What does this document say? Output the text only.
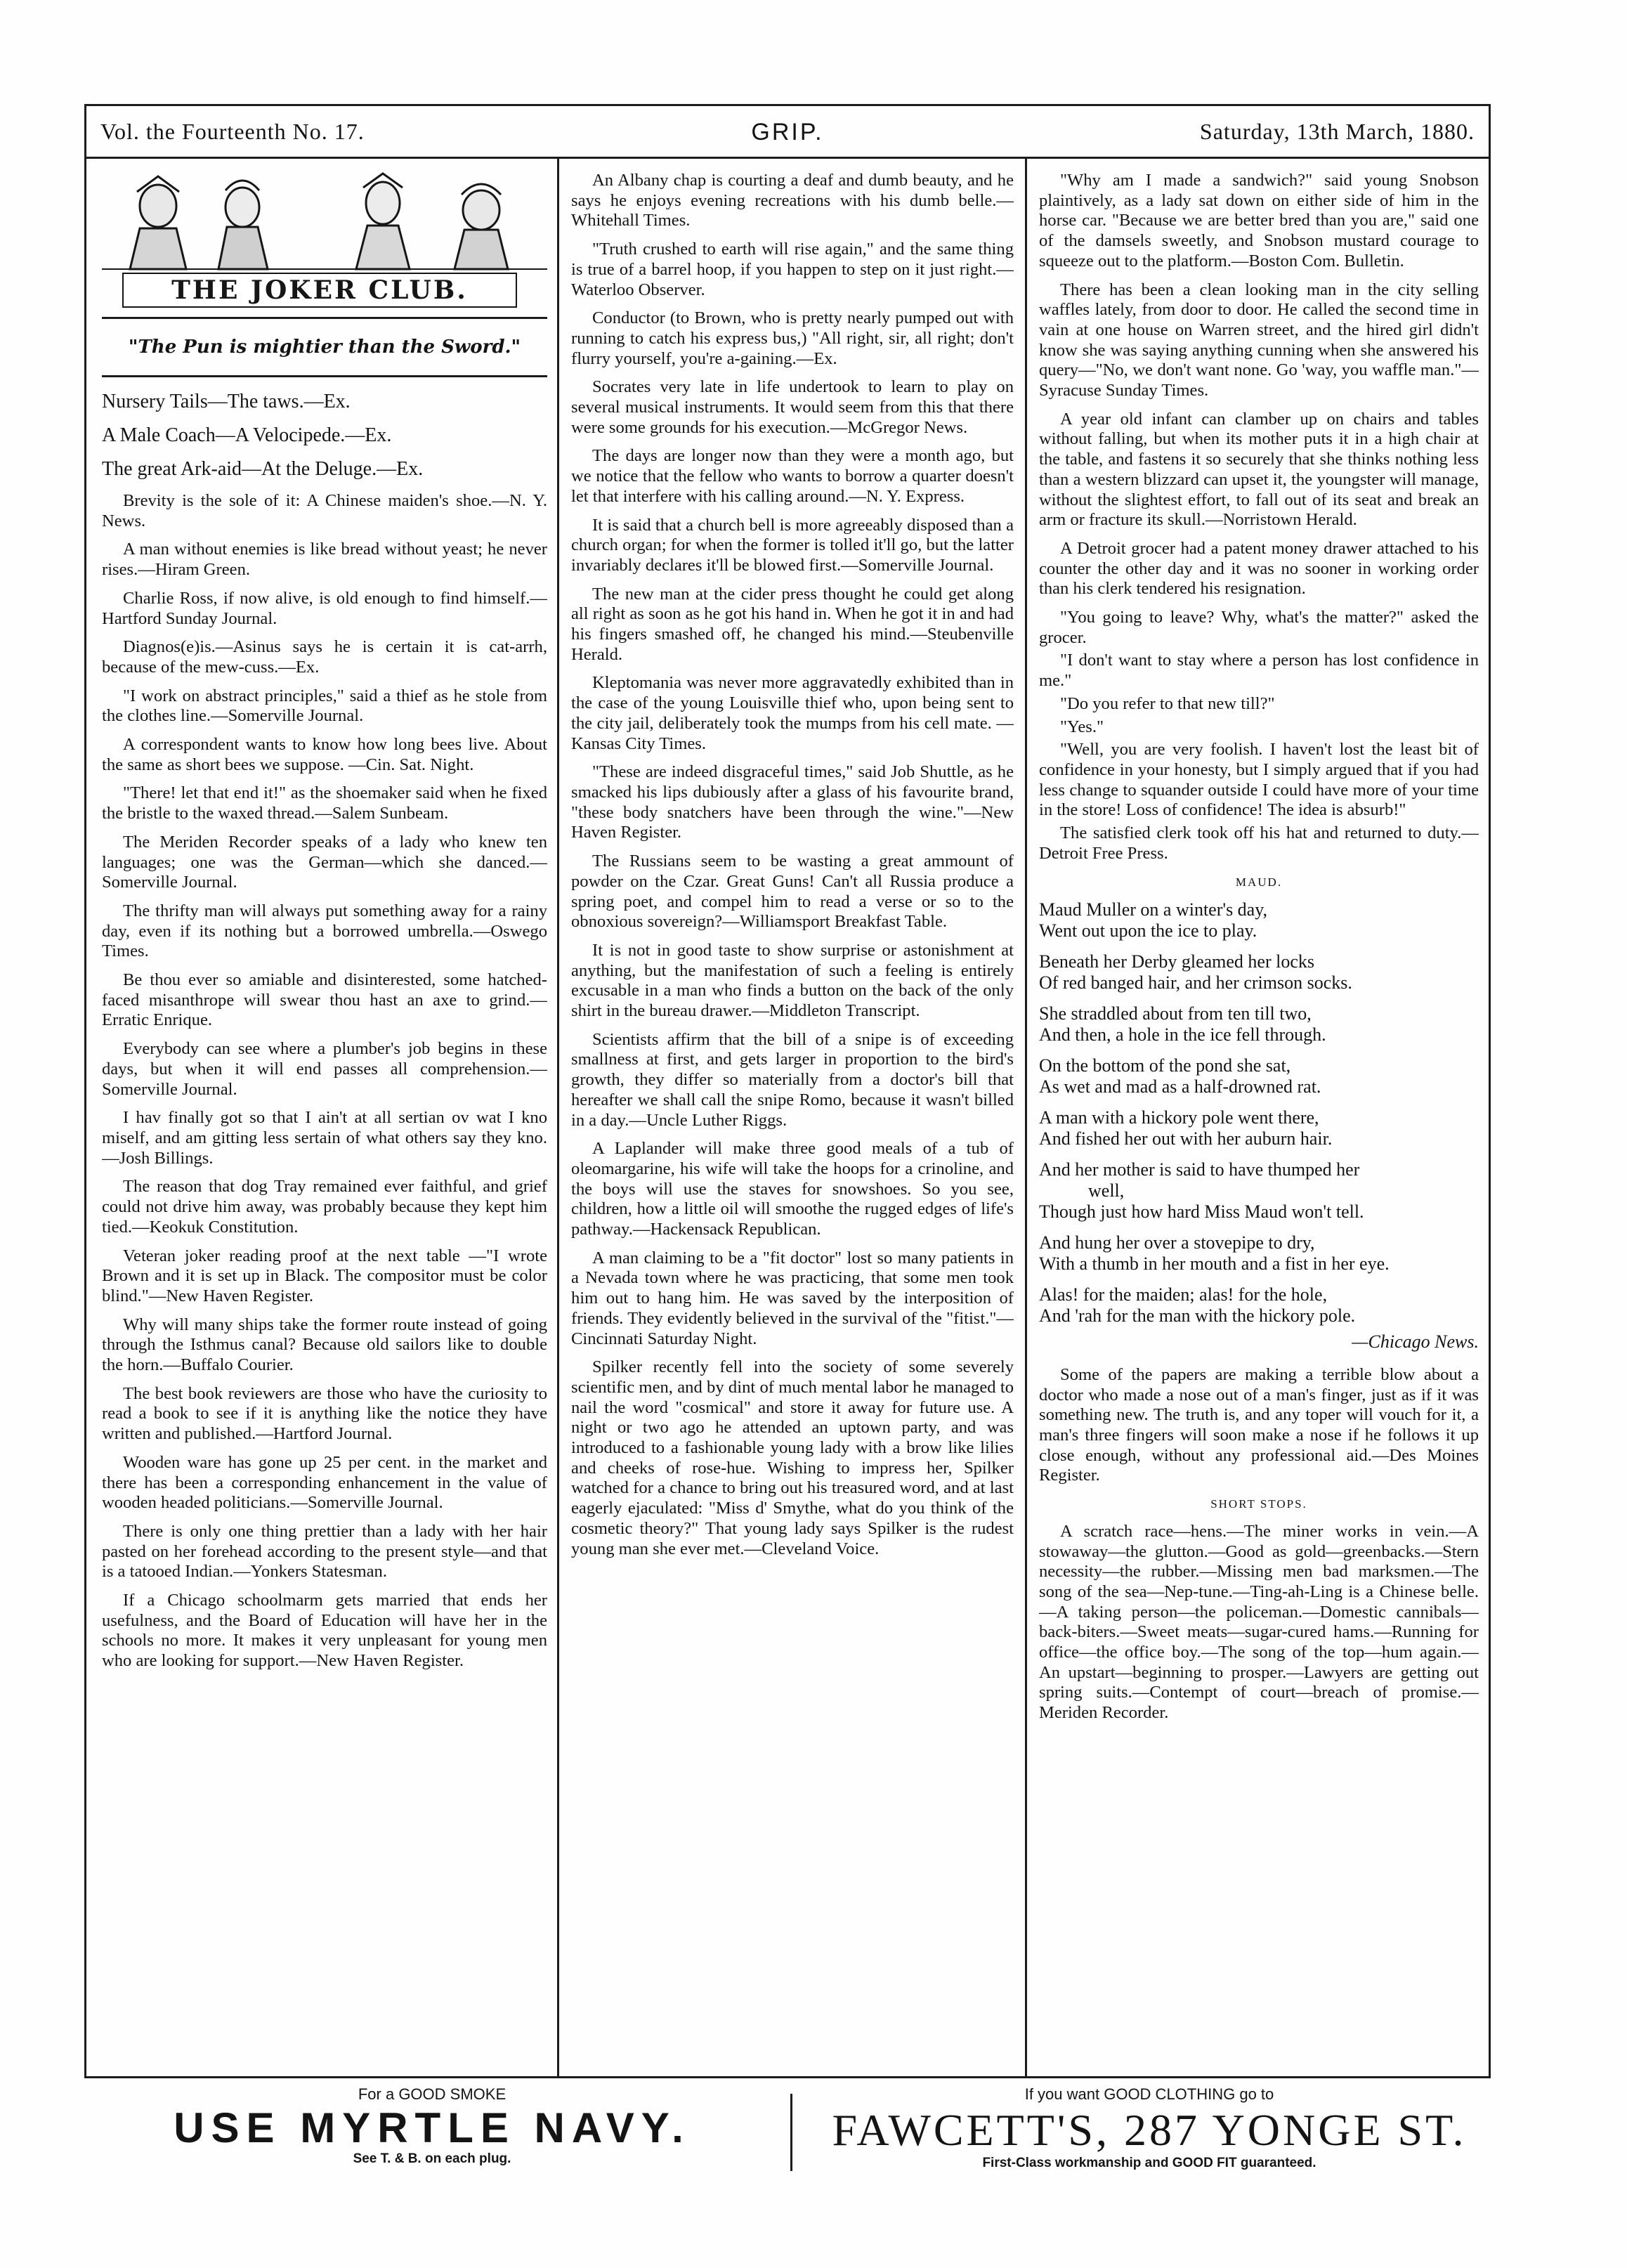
Vol. the Fourteenth No. 17.	GRIP.	Saturday, 13th March, 1880.
THE JOKER CLUB.
"The Pun is mightier than the Sword."

Nursery Tails—The taws.—Ex.

A Male Coach—A Velocipede.—Ex.

The great Ark-aid—At the Deluge.—Ex.

Brevity is the sole of it: A Chinese maiden's shoe.—N. Y. News.

A man without enemies is like bread without yeast; he never rises.—Hiram Green.

Charlie Ross, if now alive, is old enough to find himself.—Hartford Sunday Journal.

Diagnos(e)is.—Asinus says he is certain it is cat-arrh, because of the mew-cuss.—Ex.

"I work on abstract principles," said a thief as he stole from the clothes line.—Somerville Journal.

A correspondent wants to know how long bees live. About the same as short bees we suppose. —Cin. Sat. Night.

"There! let that end it!" as the shoemaker said when he fixed the bristle to the waxed thread.—Salem Sunbeam.

The Meriden Recorder speaks of a lady who knew ten languages; one was the German—which she danced.—Somerville Journal.

The thrifty man will always put something away for a rainy day, even if its nothing but a borrowed umbrella.—Oswego Times.

Be thou ever so amiable and disinterested, some hatched-faced misanthrope will swear thou hast an axe to grind.—Erratic Enrique.

Everybody can see where a plumber's job begins in these days, but when it will end passes all comprehension.—Somerville Journal.

I hav finally got so that I ain't at all sertian ov wat I kno miself, and am gitting less sertain of what others say they kno.—Josh Billings.

The reason that dog Tray remained ever faithful, and grief could not drive him away, was probably because they kept him tied.—Keokuk Constitution.

Veteran joker reading proof at the next table —"I wrote Brown and it is set up in Black. The compositor must be color blind."—New Haven Register.

Why will many ships take the former route instead of going through the Isthmus canal? Because old sailors like to double the horn.—Buffalo Courier.

The best book reviewers are those who have the curiosity to read a book to see if it is anything like the notice they have written and published.—Hartford Journal.

Wooden ware has gone up 25 per cent. in the market and there has been a corresponding enhancement in the value of wooden headed politicians.—Somerville Journal.

There is only one thing prettier than a lady with her hair pasted on her forehead according to the present style—and that is a tatooed Indian.—Yonkers Statesman.

If a Chicago schoolmarm gets married that ends her usefulness, and the Board of Education will have her in the schools no more. It makes it very unpleasant for young men who are looking for support.—New Haven Register.

An Albany chap is courting a deaf and dumb beauty, and he says he enjoys evening recreations with his dumb belle.—Whitehall Times.

"Truth crushed to earth will rise again," and the same thing is true of a barrel hoop, if you happen to step on it just right.—Waterloo Observer.

Conductor (to Brown, who is pretty nearly pumped out with running to catch his express bus,) "All right, sir, all right; don't flurry yourself, you're a-gaining.—Ex.

Socrates very late in life undertook to learn to play on several musical instruments. It would seem from this that there were some grounds for his execution.—McGregor News.

The days are longer now than they were a month ago, but we notice that the fellow who wants to borrow a quarter doesn't let that interfere with his calling around.—N. Y. Express.

It is said that a church bell is more agreeably disposed than a church organ; for when the former is tolled it'll go, but the latter invariably declares it'll be blowed first.—Somerville Journal.

The new man at the cider press thought he could get along all right as soon as he got his hand in. When he got it in and had his fingers smashed off, he changed his mind.—Steubenville Herald.

Kleptomania was never more aggravatedly exhibited than in the case of the young Louisville thief who, upon being sent to the city jail, deliberately took the mumps from his cell mate. —Kansas City Times.

"These are indeed disgraceful times," said Job Shuttle, as he smacked his lips dubiously after a glass of his favourite brand, "these body snatchers have been through the wine."—New Haven Register.

The Russians seem to be wasting a great ammount of powder on the Czar. Great Guns! Can't all Russia produce a spring poet, and compel him to read a verse or so to the obnoxious sovereign?—Williamsport Breakfast Table.

It is not in good taste to show surprise or astonishment at anything, but the manifestation of such a feeling is entirely excusable in a man who finds a button on the back of the only shirt in the bureau drawer.—Middleton Transcript.

Scientists affirm that the bill of a snipe is of exceeding smallness at first, and gets larger in proportion to the bird's growth, they differ so materially from a doctor's bill that hereafter we shall call the snipe Romo, because it wasn't billed in a day.—Uncle Luther Riggs.

A Laplander will make three good meals of a tub of oleomargarine, his wife will take the hoops for a crinoline, and the boys will use the staves for snowshoes. So you see, children, how a little oil will smoothe the rugged edges of life's pathway.—Hackensack Republican.

A man claiming to be a "fit doctor" lost so many patients in a Nevada town where he was practicing, that some men took him out to hang him. He was saved by the interposition of friends. They evidently believed in the survival of the "fitist."—Cincinnati Saturday Night.

Spilker recently fell into the society of some severely scientific men, and by dint of much mental labor he managed to nail the word "cosmical" and store it away for future use. A night or two ago he attended an uptown party, and was introduced to a fashionable young lady with a brow like lilies and cheeks of rose-hue. Wishing to impress her, Spilker watched for a chance to bring out his treasured word, and at last eagerly ejaculated: "Miss d' Smythe, what do you think of the cosmetic theory?" That young lady says Spilker is the rudest young man she ever met.—Cleveland Voice.

"Why am I made a sandwich?" said young Snobson plaintively, as a lady sat down on either side of him in the horse car. "Because we are better bred than you are," said one of the damsels sweetly, and Snobson mustard courage to squeeze out to the platform.—Boston Com. Bulletin.

There has been a clean looking man in the city selling waffles lately, from door to door. He called the second time in vain at one house on Warren street, and the hired girl didn't know she was saying anything cunning when she answered his query—"No, we don't want none. Go 'way, you waffle man."—Syracuse Sunday Times.

A year old infant can clamber up on chairs and tables without falling, but when its mother puts it in a high chair at the table, and fastens it so securely that she thinks nothing less than a western blizzard can upset it, the youngster will manage, without the slightest effort, to fall out of its seat and break an arm or fracture its skull.—Norristown Herald.

A Detroit grocer had a patent money drawer attached to his counter the other day and it was no sooner in working order than his clerk tendered his resignation.

"You going to leave? Why, what's the matter?" asked the grocer.

"I don't want to stay where a person has lost confidence in me."

"Do you refer to that new till?"

"Yes."

"Well, you are very foolish. I haven't lost the least bit of confidence in your honesty, but I simply argued that if you had less change to squander outside I could have more of your time in the store! Loss of confidence! The idea is absurb!"

The satisfied clerk took off his hat and returned to duty.—Detroit Free Press.

MAUD.
Maud Muller on a winter's day,
Went out upon the ice to play.
Beneath her Derby gleamed her locks
Of red banged hair, and her crimson socks.
She straddled about from ten till two,
And then, a hole in the ice fell through.
On the bottom of the pond she sat,
As wet and mad as a half-drowned rat.
A man with a hickory pole went there,
And fished her out with her auburn hair.
And her mother is said to have thumped her
well,
Though just how hard Miss Maud won't tell.
And hung her over a stovepipe to dry,
With a thumb in her mouth and a fist in her eye.
Alas! for the maiden; alas! for the hole,
And 'rah for the man with the hickory pole.
—Chicago News.

Some of the papers are making a terrible blow about a doctor who made a nose out of a man's finger, just as if it was something new. The truth is, and any toper will vouch for it, a man's three fingers will soon make a nose if he follows it up close enough, without any professional aid.—Des Moines Register.

SHORT STOPS.

A scratch race—hens.—The miner works in vein.—A stowaway—the glutton.—Good as gold—greenbacks.—Stern necessity—the rubber.—Missing men bad marksmen.—The song of the sea—Nep-tune.—Ting-ah-Ling is a Chinese belle.—A taking person—the policeman.—Domestic cannibals—back-biters.—Sweet meats—sugar-cured hams.—Running for office—the office boy.—The song of the top—hum again.—An upstart—beginning to prosper.—Lawyers are getting out spring suits.—Contempt of court—breach of promise.—Meriden Recorder.

For a GOOD SMOKE
USE MYRTLE NAVY.
See T. & B. on each plug.
If you want GOOD CLOTHING go to
FAWCETT'S, 287 YONGE ST.
First-Class workmanship and GOOD FIT guaranteed.
